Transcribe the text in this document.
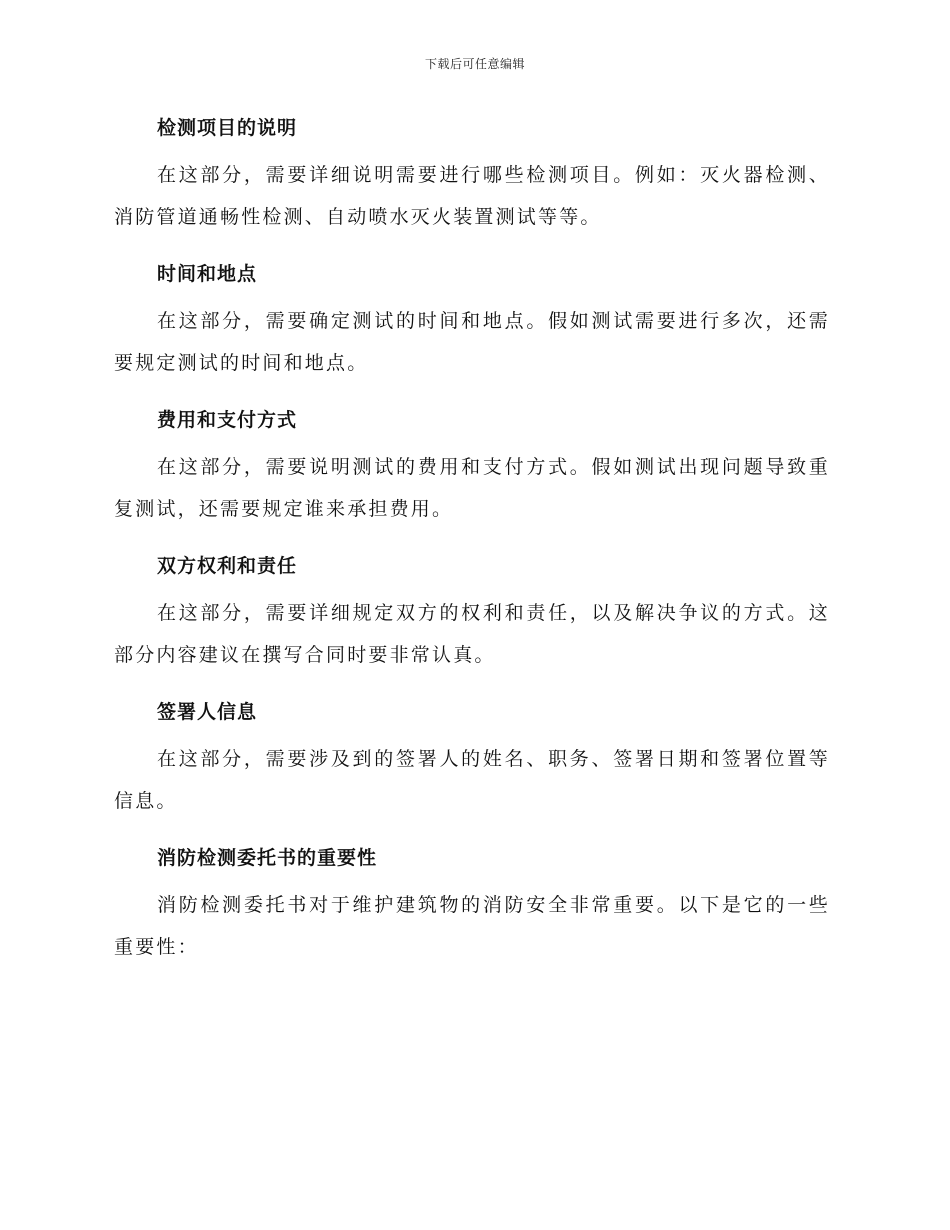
下载后可任意编辑
检测项目的说明

在这部分，需要详细说明需要进行哪些检测项目。例如：灭火器检测、消防管道通畅性检测、自动喷水灭火装置测试等等。

时间和地点

在这部分，需要确定测试的时间和地点。假如测试需要进行多次，还需要规定测试的时间和地点。

费用和支付方式

在这部分，需要说明测试的费用和支付方式。假如测试出现问题导致重复测试，还需要规定谁来承担费用。

双方权利和责任

在这部分，需要详细规定双方的权利和责任，以及解决争议的方式。这部分内容建议在撰写合同时要非常认真。

签署人信息

在这部分，需要涉及到的签署人的姓名、职务、签署日期和签署位置等信息。

消防检测委托书的重要性

消防检测委托书对于维护建筑物的消防安全非常重要。以下是它的一些重要性：
